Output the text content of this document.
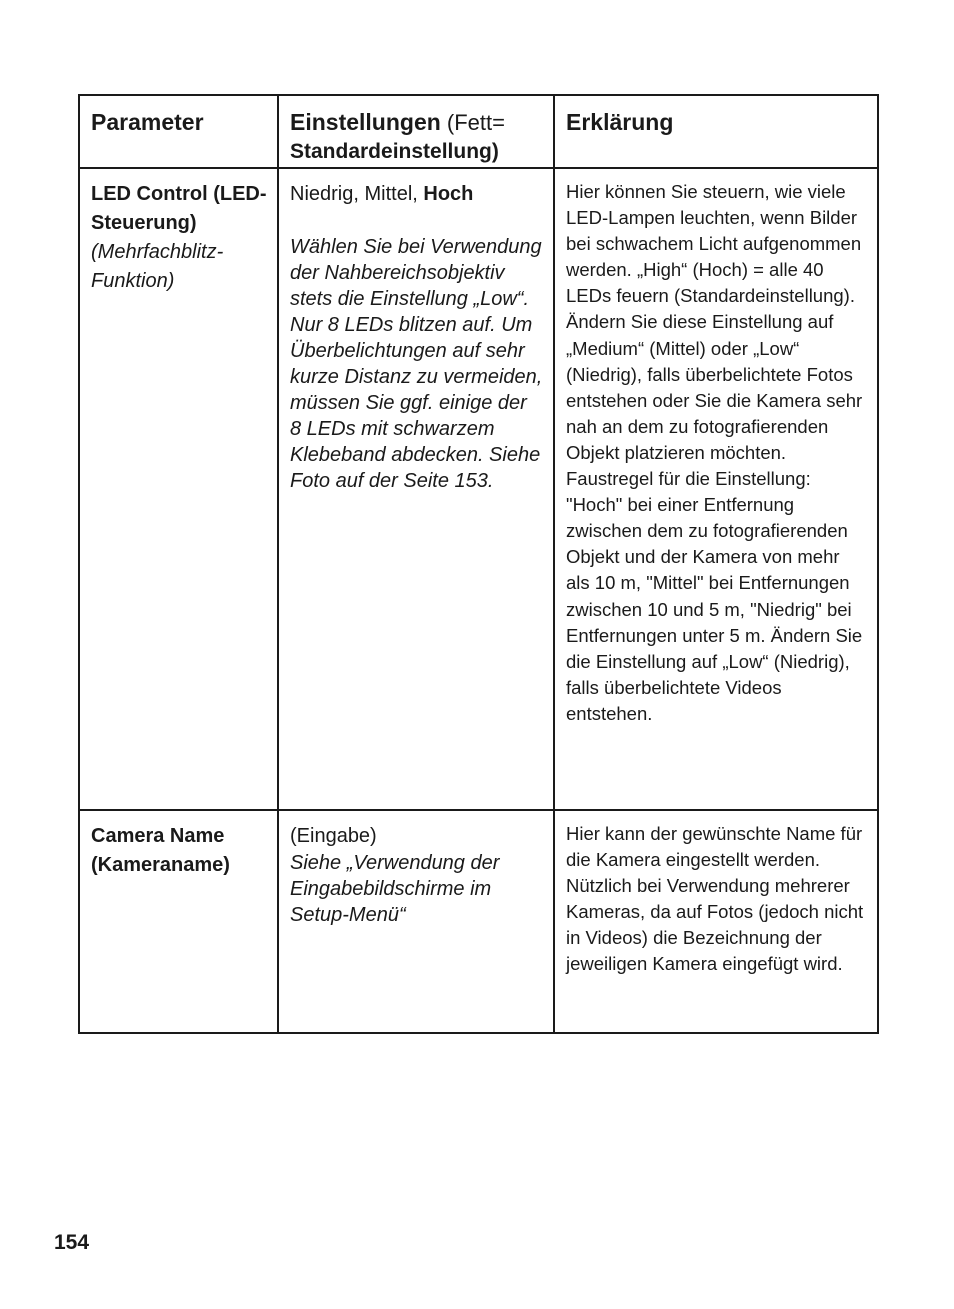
Parameter	Einstellungen (Fett=
Standardeinstellung)
Erklärung
LED Control (LED-Steuerung)
(Mehrfachblitz-Funktion)
Niedrig, Mittel, Hoch
Wählen Sie bei Verwendung der Nahbereichsobjektiv stets die Einstellung „Low“. Nur 8 LEDs blitzen auf. Um Überbelichtungen auf sehr kurze Distanz zu vermeiden, müssen Sie ggf. einige der 8 LEDs mit schwarzem Klebeband abdecken. Siehe Foto auf der Seite 153.
Hier können Sie steuern, wie viele LED-Lampen leuchten, wenn Bilder bei schwachem Licht aufgenommen werden. „High“ (Hoch) = alle 40 LEDs feuern (Standardeinstellung). Ändern Sie diese Einstellung auf „Medium“ (Mittel) oder „Low“ (Niedrig), falls überbelichtete Fotos entstehen oder Sie die Kamera sehr nah an dem zu fotografierenden Objekt platzieren möchten. Faustregel für die Einstellung: "Hoch" bei einer Entfernung zwischen dem zu fotografierenden Objekt und der Kamera von mehr als 10 m, "Mittel" bei Entfernungen zwischen 10 und 5 m, "Niedrig" bei Entfernungen unter 5 m. Ändern Sie die Einstellung auf „Low“ (Niedrig), falls überbelichtete Videos entstehen.
Camera Name (Kameraname)
(Eingabe)
Siehe „Verwendung der Eingabebildschirme im Setup-Menü“
Hier kann der gewünschte Name für die Kamera eingestellt werden. Nützlich bei Verwendung mehrerer Kameras, da auf Fotos (jedoch nicht in Videos) die Bezeichnung der jeweiligen Kamera eingefügt wird.
154
